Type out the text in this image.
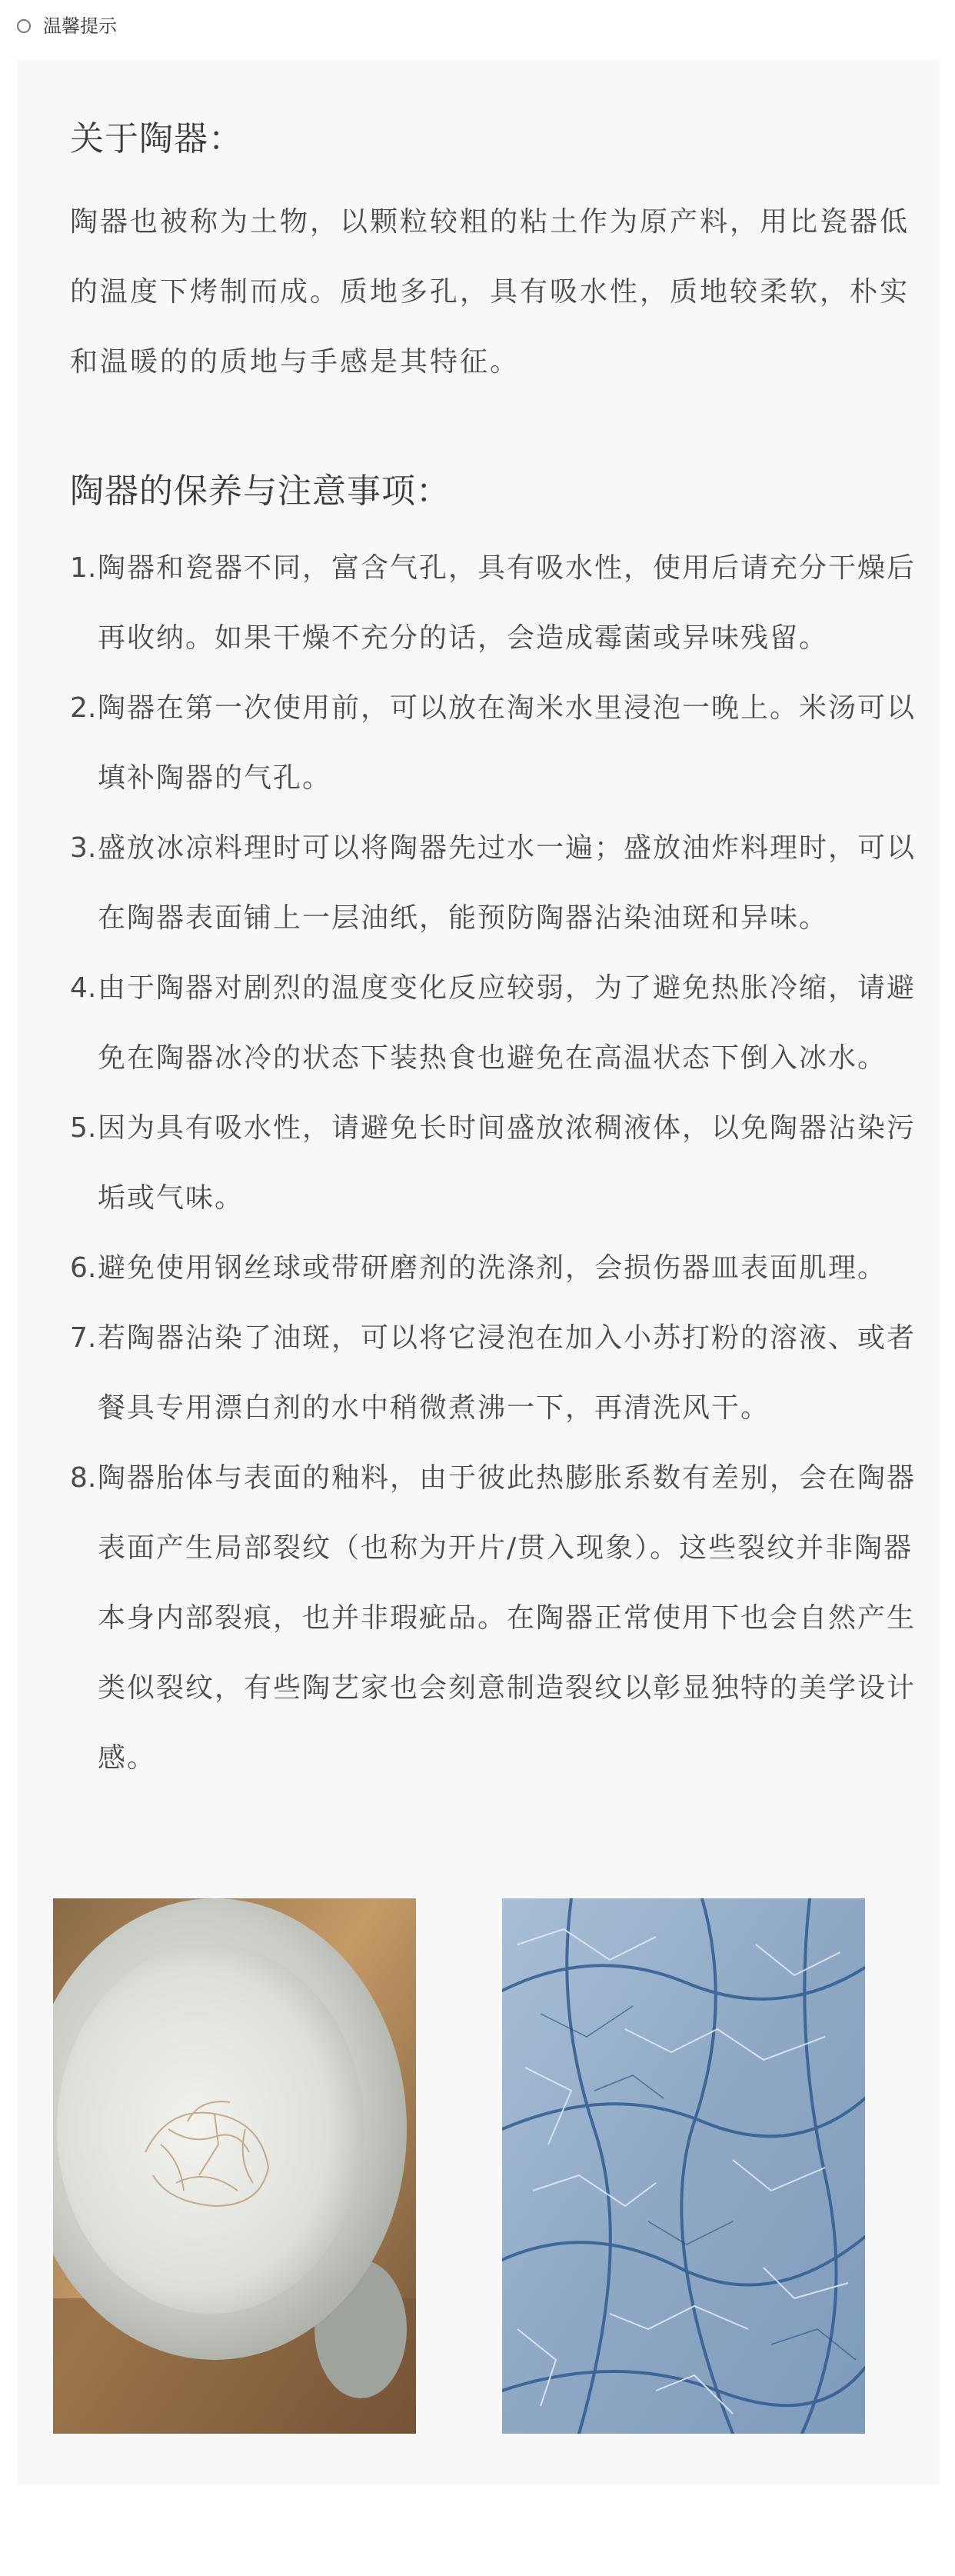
温馨提示
关于陶器：
陶器也被称为土物，以颗粒较粗的粘土作为原产料，用比瓷器低的温度下烤制而成。质地多孔，具有吸水性，质地较柔软，朴实和温暖的的质地与手感是其特征。
陶器的保养与注意事项：
1. 陶器和瓷器不同，富含气孔，具有吸水性，使用后请充分干燥后再收纳。如果干燥不充分的话，会造成霉菌或异味残留。
2. 陶器在第一次使用前，可以放在淘米水里浸泡一晚上。米汤可以填补陶器的气孔。
3. 盛放冰凉料理时可以将陶器先过水一遍；盛放油炸料理时，可以在陶器表面铺上一层油纸，能预防陶器沾染油斑和异味。
4. 由于陶器对剧烈的温度变化反应较弱，为了避免热胀冷缩，请避免在陶器冰冷的状态下装热食也避免在高温状态下倒入冰水。
5. 因为具有吸水性，请避免长时间盛放浓稠液体，以免陶器沾染污垢或气味。
6. 避免使用钢丝球或带研磨剂的洗涤剂，会损伤器皿表面肌理。
7. 若陶器沾染了油斑，可以将它浸泡在加入小苏打粉的溶液、或者餐具专用漂白剂的水中稍微煮沸一下，再清洗风干。
8. 陶器胎体与表面的釉料，由于彼此热膨胀系数有差别，会在陶器表面产生局部裂纹（也称为开片/贯入现象）。这些裂纹并非陶器本身内部裂痕，也并非瑕疵品。在陶器正常使用下也会自然产生类似裂纹，有些陶艺家也会刻意制造裂纹以彰显独特的美学设计感。
